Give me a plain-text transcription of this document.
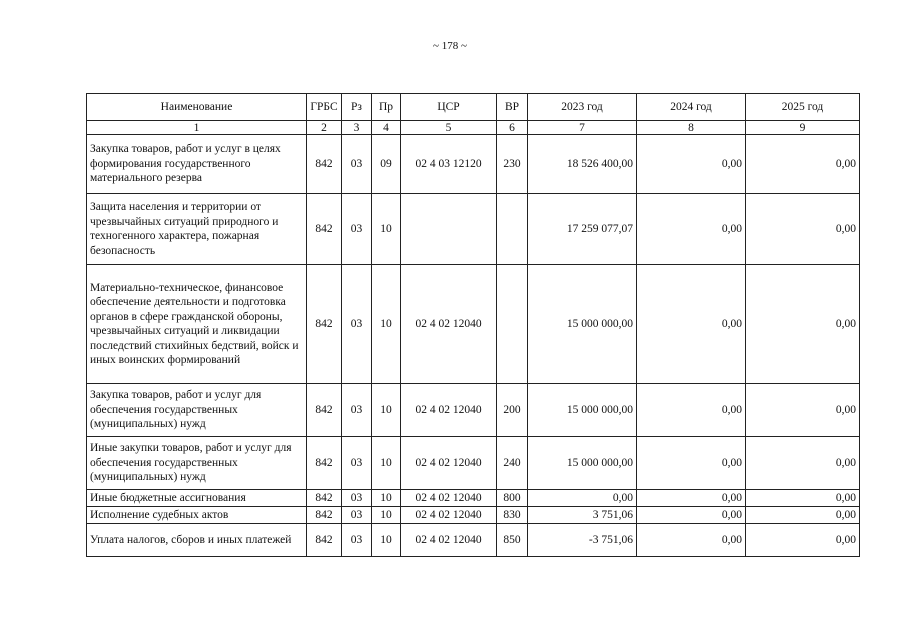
~ 178 ~
Наименование	ГРБС	Рз	Пр	ЦСР	ВР	2023 год	2024 год	2025 год
1	2	3	4	5	6	7	8	9
Закупка товаров, работ и услуг в целях формирования государственного материального резерва	842	03	09	02 4 03 12120	230	18 526 400,00	0,00	0,00
Защита населения и территории от чрезвычайных ситуаций природного и техногенного характера, пожарная безопасность	842	03	10			17 259 077,07	0,00	0,00
Материально-техническое, финансовое обеспечение деятельности и подготовка органов в сфере гражданской обороны, чрезвычайных ситуаций и ликвидации последствий стихийных бедствий, войск и иных воинских формирований	842	03	10	02 4 02 12040		15 000 000,00	0,00	0,00
Закупка товаров, работ и услуг для обеспечения государственных (муниципальных) нужд	842	03	10	02 4 02 12040	200	15 000 000,00	0,00	0,00
Иные закупки товаров, работ и услуг для обеспечения государственных (муниципальных) нужд	842	03	10	02 4 02 12040	240	15 000 000,00	0,00	0,00
Иные бюджетные ассигнования	842	03	10	02 4 02 12040	800	0,00	0,00	0,00
Исполнение судебных актов	842	03	10	02 4 02 12040	830	3 751,06	0,00	0,00
Уплата налогов, сборов и иных платежей	842	03	10	02 4 02 12040	850	-3 751,06	0,00	0,00
